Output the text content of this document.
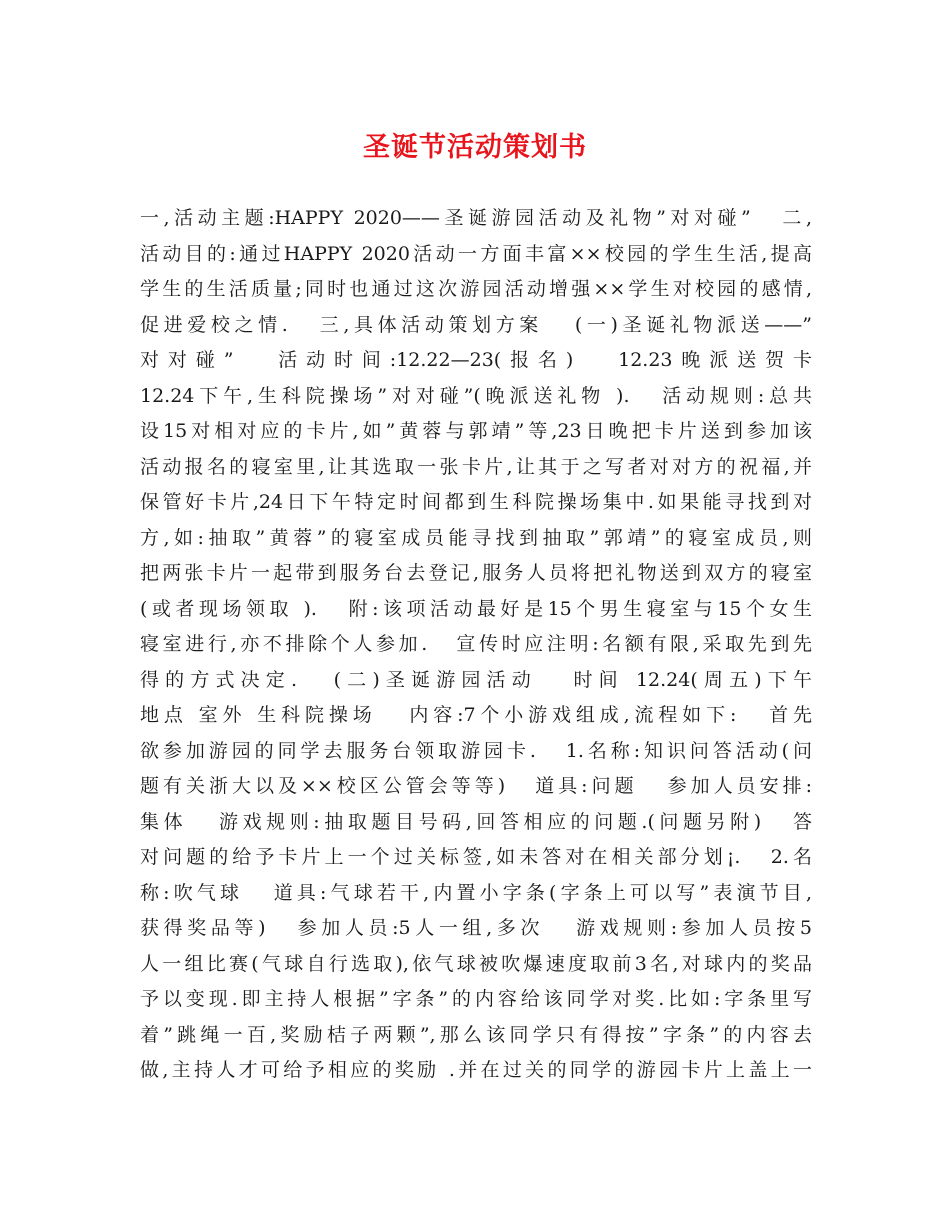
圣诞节活动策划书
一,活动主题:HAPPY 2020——圣诞游园活动及礼物”对对碰”   二,
活动目的:通过HAPPY 2020活动一方面丰富××校园的学生生活,提高
学生的生活质量;同时也通过这次游园活动增强××学生对校园的感情,
促进爱校之情.   三,具体活动策划方案   (一)圣诞礼物派送——”
对对碰”   活动时间:12.22—23(报名)   12.23晚派送贺卡
12.24下午,生科院操场”对对碰”(晚派送礼物 ).   活动规则:总共
设15对相对应的卡片,如”黄蓉与郭靖”等,23日晚把卡片送到参加该
活动报名的寝室里,让其选取一张卡片,让其于之写者对对方的祝福,并
保管好卡片,24日下午特定时间都到生科院操场集中.如果能寻找到对
方,如:抽取”黄蓉”的寝室成员能寻找到抽取”郭靖”的寝室成员,则
把两张卡片一起带到服务台去登记,服务人员将把礼物送到双方的寝室
(或者现场领取 ).   附:该项活动最好是15个男生寝室与15个女生
寝室进行,亦不排除个人参加.   宣传时应注明:名额有限,采取先到先
得的方式决定.   (二)圣诞游园活动   时间 12.24(周五)下午
地点 室外 生科院操场   内容:7个小游戏组成,流程如下:   首先
欲参加游园的同学去服务台领取游园卡.   1.名称:知识问答活动(问
题有关浙大以及××校区公管会等等)   道具:问题   参加人员安排:
集体   游戏规则:抽取题目号码,回答相应的问题.(问题另附)   答
对问题的给予卡片上一个过关标签,如未答对在相关部分划¡.   2.名
称:吹气球   道具:气球若干,内置小字条(字条上可以写”表演节目,
获得奖品等)   参加人员:5人一组,多次   游戏规则:参加人员按5
人一组比赛(气球自行选取),依气球被吹爆速度取前3名,对球内的奖品
予以变现.即主持人根据”字条”的内容给该同学对奖.比如:字条里写
着”跳绳一百,奖励桔子两颗”,那么该同学只有得按”字条”的内容去
做,主持人才可给予相应的奖励 .并在过关的同学的游园卡片上盖上一
